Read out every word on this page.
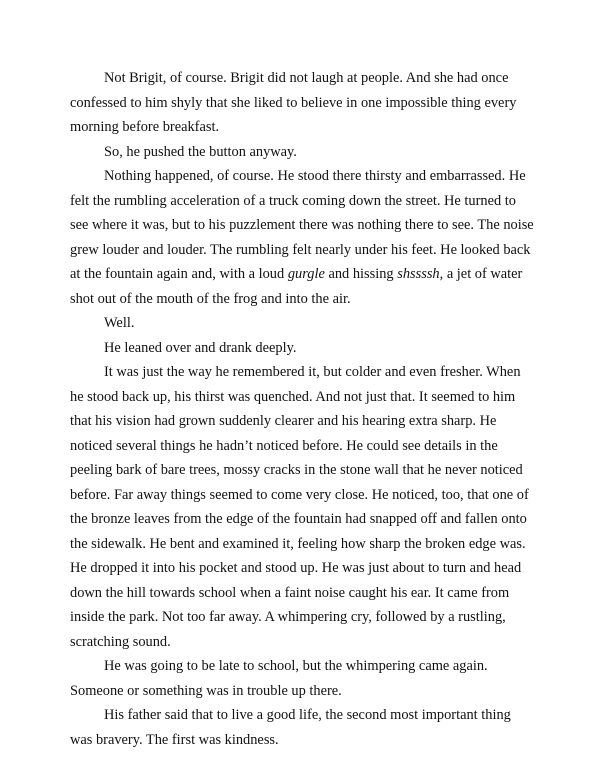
Not Brigit, of course. Brigit did not laugh at people. And she had once confessed to him shyly that she liked to believe in one impossible thing every morning before breakfast.

So, he pushed the button anyway.

Nothing happened, of course. He stood there thirsty and embarrassed. He felt the rumbling acceleration of a truck coming down the street. He turned to see where it was, but to his puzzlement there was nothing there to see. The noise grew louder and louder. The rumbling felt nearly under his feet. He looked back at the fountain again and, with a loud gurgle and hissing shssssh, a jet of water shot out of the mouth of the frog and into the air.

Well.

He leaned over and drank deeply.

It was just the way he remembered it, but colder and even fresher. When he stood back up, his thirst was quenched. And not just that. It seemed to him that his vision had grown suddenly clearer and his hearing extra sharp. He noticed several things he hadn’t noticed before. He could see details in the peeling bark of bare trees, mossy cracks in the stone wall that he never noticed before. Far away things seemed to come very close. He noticed, too, that one of the bronze leaves from the edge of the fountain had snapped off and fallen onto the sidewalk. He bent and examined it, feeling how sharp the broken edge was. He dropped it into his pocket and stood up. He was just about to turn and head down the hill towards school when a faint noise caught his ear. It came from inside the park. Not too far away. A whimpering cry, followed by a rustling, scratching sound.

He was going to be late to school, but the whimpering came again. Someone or something was in trouble up there.

His father said that to live a good life, the second most important thing was bravery. The first was kindness.
